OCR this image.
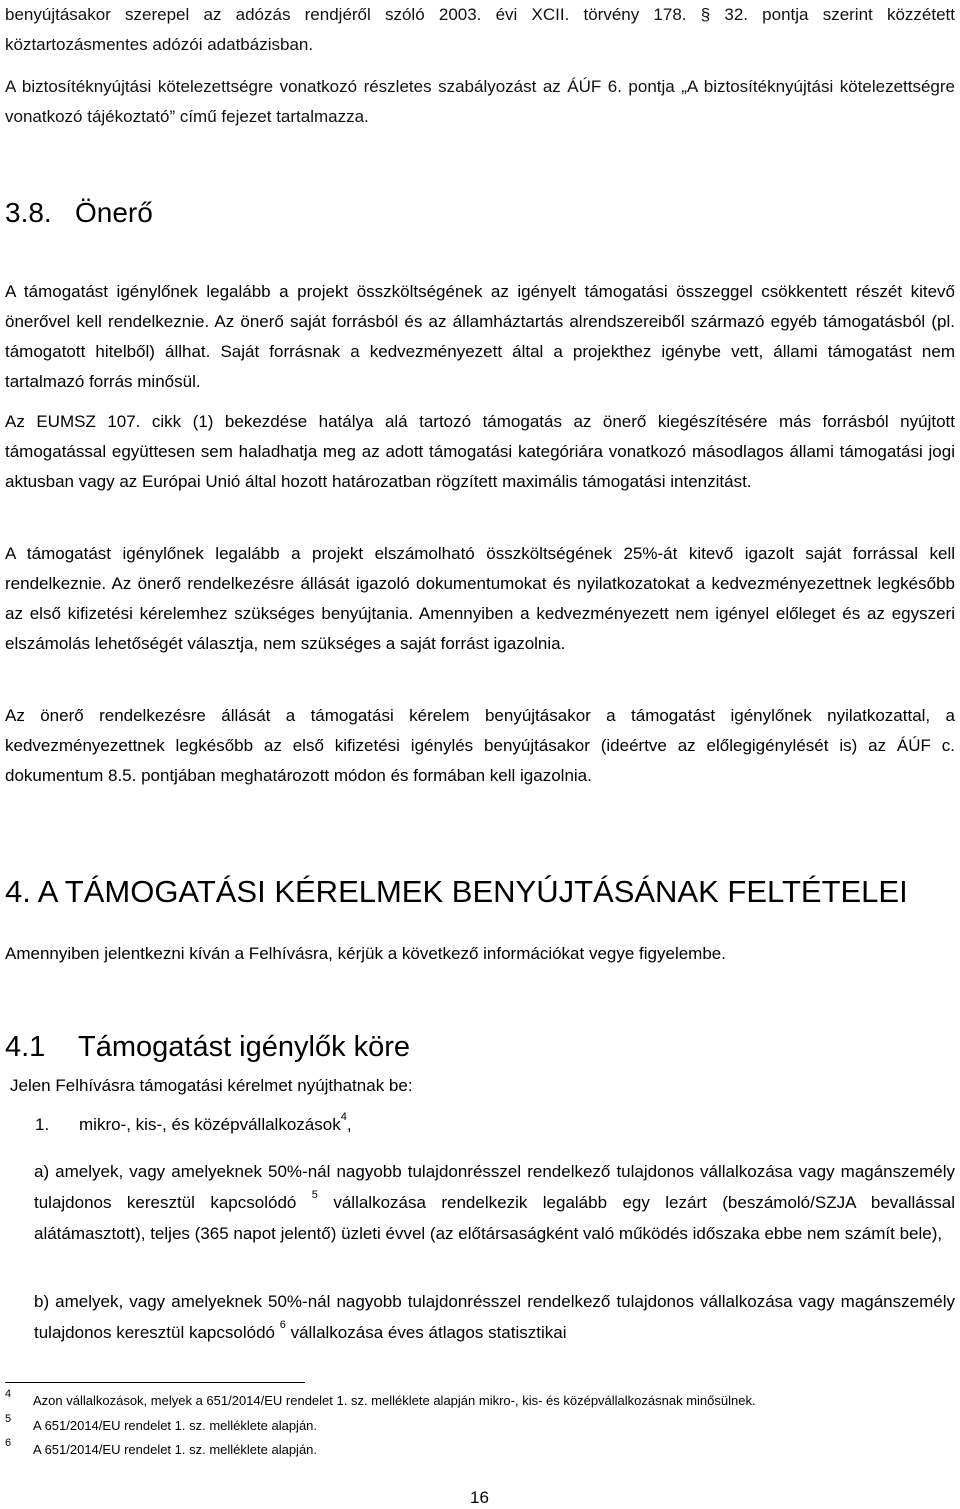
benyújtásakor szerepel az adózás rendjéről szóló 2003. évi XCII. törvény 178. § 32. pontja szerint közzétett köztartozásmentes adózói adatbázisban.

A biztosítéknyújtási kötelezettségre vonatkozó részletes szabályozást az ÁÚF 6. pontja „A biztosítéknyújtási kötelezettségre vonatkozó tájékoztató” című fejezet tartalmazza.

3.8. Önerő

A támogatást igénylőnek legalább a projekt összköltségének az igényelt támogatási összeggel csökkentett részét kitevő önerővel kell rendelkeznie. Az önerő saját forrásból és az államháztartás alrendszereiből származó egyéb támogatásból (pl. támogatott hitelből) állhat. Saját forrásnak a kedvezményezett által a projekthez igénybe vett, állami támogatást nem tartalmazó forrás minősül.

Az EUMSZ 107. cikk (1) bekezdése hatálya alá tartozó támogatás az önerő kiegészítésére más forrásból nyújtott támogatással együttesen sem haladhatja meg az adott támogatási kategóriára vonatkozó másodlagos állami támogatási jogi aktusban vagy az Európai Unió által hozott határozatban rögzített maximális támogatási intenzitást.

A támogatást igénylőnek legalább a projekt elszámolható összköltségének 25%-át kitevő igazolt saját forrással kell rendelkeznie. Az önerő rendelkezésre állását igazoló dokumentumokat és nyilatkozatokat a kedvezményezettnek legkésőbb az első kifizetési kérelemhez szükséges benyújtania. Amennyiben a kedvezményezett nem igényel előleget és az egyszeri elszámolás lehetőségét választja, nem szükséges a saját forrást igazolnia.

Az önerő rendelkezésre állását a támogatási kérelem benyújtásakor a támogatást igénylőnek nyilatkozattal, a kedvezményezettnek legkésőbb az első kifizetési igénylés benyújtásakor (ideértve az előlegigénylését is) az ÁÚF c. dokumentum 8.5. pontjában meghatározott módon és formában kell igazolnia.

4. A TÁMOGATÁSI KÉRELMEK BENYÚJTÁSÁNAK FELTÉTELEI

Amennyiben jelentkezni kíván a Felhívásra, kérjük a következő információkat vegye figyelembe.

4.1 Támogatást igénylők köre

Jelen Felhívásra támogatási kérelmet nyújthatnak be:

1. mikro-, kis-, és középvállalkozások$^4$,

a) amelyek, vagy amelyeknek 50%-nál nagyobb tulajdonrésszel rendelkező tulajdonos vállalkozása vagy magánszemély tulajdonos keresztül kapcsolódó $^5$ vállalkozása rendelkezik legalább egy lezárt (beszámoló/SZJA bevallással alátámasztott), teljes (365 napot jelentő) üzleti évvel (az előtársaságként való működés időszaka ebbe nem számít bele),

b) amelyek, vagy amelyeknek 50%-nál nagyobb tulajdonrésszel rendelkező tulajdonos vállalkozása vagy magánszemély tulajdonos keresztül kapcsolódó $^6$ vállalkozása éves átlagos statisztikai

4 Azon vállalkozások, melyek a 651/2014/EU rendelet 1. sz. melléklete alapján mikro-, kis- és középvállalkozásnak minősülnek.
5 A 651/2014/EU rendelet 1. sz. melléklete alapján.
6 A 651/2014/EU rendelet 1. sz. melléklete alapján.
16
